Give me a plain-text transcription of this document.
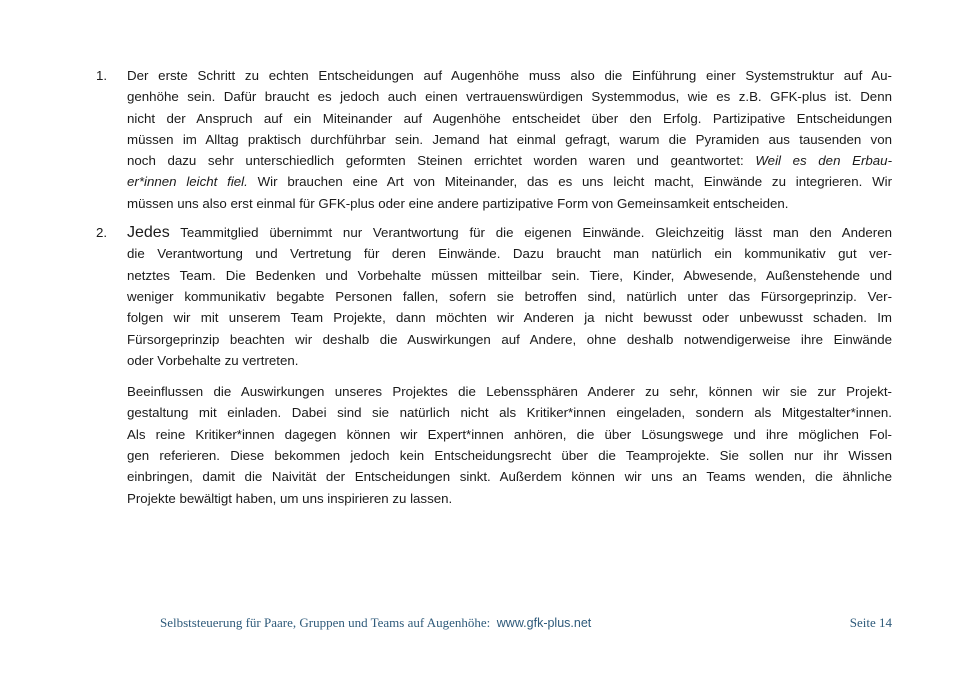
1.	Der erste Schritt zu echten Entscheidungen auf Augenhöhe muss also die Einführung einer Systemstruktur auf Au-
genhöhe sein. Dafür braucht es jedoch auch einen vertrauenswürdigen Systemmodus, wie es z.B. GFK-plus ist. Denn
nicht der Anspruch auf ein Miteinander auf Augenhöhe entscheidet über den Erfolg. Partizipative Entscheidungen
müssen im Alltag praktisch durchführbar sein. Jemand hat einmal gefragt, warum die Pyramiden aus tausenden von
noch dazu sehr unterschiedlich geformten Steinen errichtet worden waren und geantwortet: Weil es den Erbau-
er*innen leicht fiel. Wir brauchen eine Art von Miteinander, das es uns leicht macht, Einwände zu integrieren. Wir
müssen uns also erst einmal für GFK-plus oder eine andere partizipative Form von Gemeinsamkeit entscheiden.
2.	Jedes Teammitglied übernimmt nur Verantwortung für die eigenen Einwände. Gleichzeitig lässt man den Anderen
die Verantwortung und Vertretung für deren Einwände. Dazu braucht man natürlich ein kommunikativ gut ver-
netztes Team. Die Bedenken und Vorbehalte müssen mitteilbar sein. Tiere, Kinder, Abwesende, Außenstehende und
weniger kommunikativ begabte Personen fallen, sofern sie betroffen sind, natürlich unter das Fürsorgeprinzip. Ver-
folgen wir mit unserem Team Projekte, dann möchten wir Anderen ja nicht bewusst oder unbewusst schaden. Im
Fürsorgeprinzip beachten wir deshalb die Auswirkungen auf Andere, ohne deshalb notwendigerweise ihre Einwände
oder Vorbehalte zu vertreten.
Beeinflussen die Auswirkungen unseres Projektes die Lebenssphären Anderer zu sehr, können wir sie zur Projekt-
gestaltung mit einladen. Dabei sind sie natürlich nicht als Kritiker*innen eingeladen, sondern als Mitgestalter*innen.
Als reine Kritiker*innen dagegen können wir Expert*innen anhören, die über Lösungswege und ihre möglichen Fol-
gen referieren. Diese bekommen jedoch kein Entscheidungsrecht über die Teamprojekte. Sie sollen nur ihr Wissen
einbringen, damit die Naivität der Entscheidungen sinkt. Außerdem können wir uns an Teams wenden, die ähnliche
Projekte bewältigt haben, um uns inspirieren zu lassen.
Selbststeuerung für Paare, Gruppen und Teams auf Augenhöhe: www.gfk-plus.net	Seite 14
